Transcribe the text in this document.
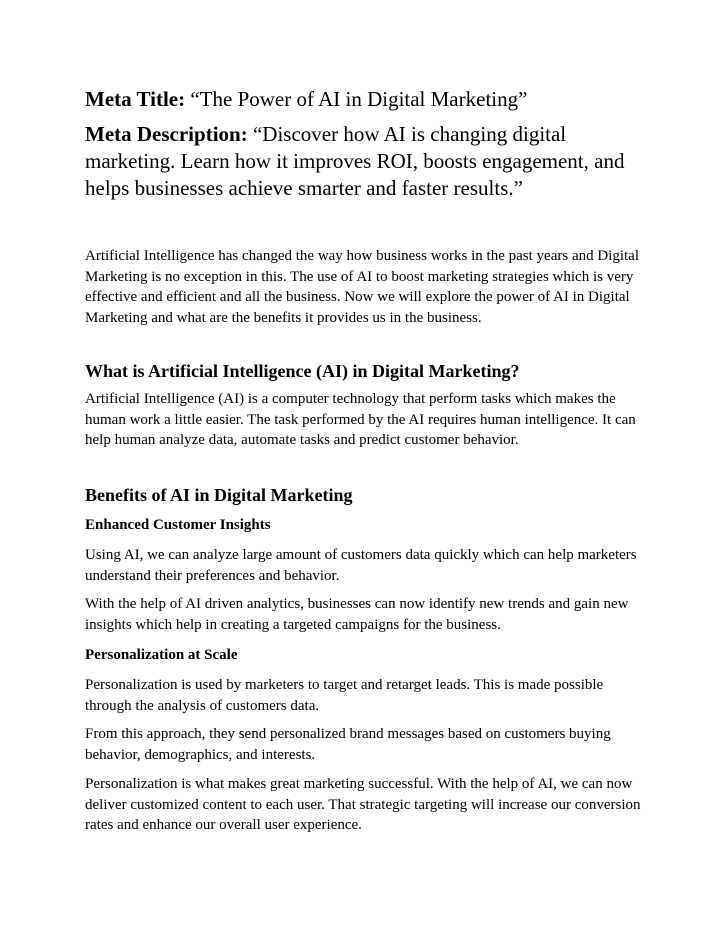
Meta Title: “The Power of AI in Digital Marketing”

Meta Description: “Discover how AI is changing digital marketing. Learn how it improves ROI, boosts engagement, and helps businesses achieve smarter and faster results.”

Artificial Intelligence has changed the way how business works in the past years and Digital Marketing is no exception in this. The use of AI to boost marketing strategies which is very effective and efficient and all the business. Now we will explore the power of AI in Digital Marketing and what are the benefits it provides us in the business.

What is Artificial Intelligence (AI) in Digital Marketing?

Artificial Intelligence (AI) is a computer technology that perform tasks which makes the human work a little easier. The task performed by the AI requires human intelligence. It can help human analyze data, automate tasks and predict customer behavior.

Benefits of AI in Digital Marketing
Enhanced Customer Insights

Using AI, we can analyze large amount of customers data quickly which can help marketers understand their preferences and behavior.

With the help of AI driven analytics, businesses can now identify new trends and gain new insights which help in creating a targeted campaigns for the business.

Personalization at Scale

Personalization is used by marketers to target and retarget leads. This is made possible through the analysis of customers data.

From this approach, they send personalized brand messages based on customers buying behavior, demographics, and interests.

Personalization is what makes great marketing successful. With the help of AI, we can now deliver customized content to each user. That strategic targeting will increase our conversion rates and enhance our overall user experience.
